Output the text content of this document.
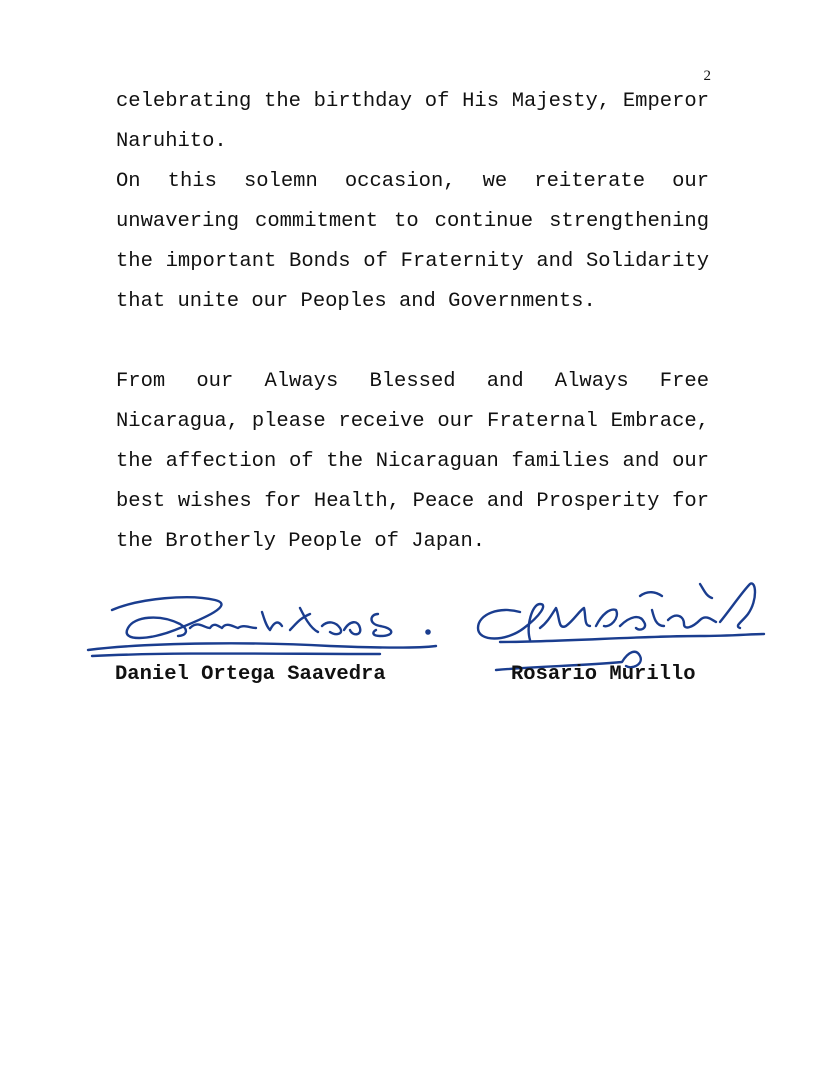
2

celebrating the birthday of His Majesty, Emperor Naruhito.

On this solemn occasion, we reiterate our unwavering commitment to continue strengthening the important Bonds of Fraternity and Solidarity that unite our Peoples and Governments.

From our Always Blessed and Always Free Nicaragua, please receive our Fraternal Embrace, the affection of the Nicaraguan families and our best wishes for Health, Peace and Prosperity for the Brotherly People of Japan.

Daniel Ortega Saavedra	Rosario Murillo
